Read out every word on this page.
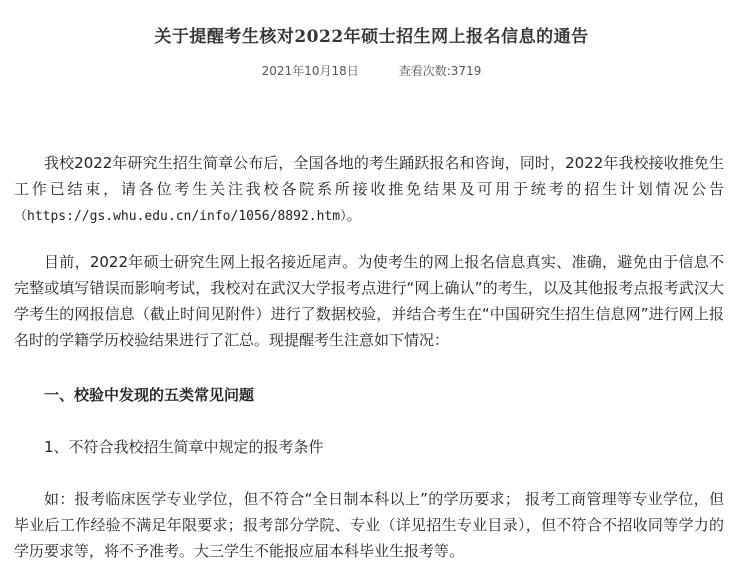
关于提醒考生核对2022年硕士招生网上报名信息的通告
2021年10月18日	查看次数:3719

我校2022年研究生招生简章公布后，全国各地的考生踊跃报名和咨询，同时，2022年我校接收推免生工作已结束，请各位考生关注我校各院系所接收推免结果及可用于统考的招生计划情况公告（https://gs.whu.edu.cn/info/1056/8892.htm）。

目前，2022年硕士研究生网上报名接近尾声。为使考生的网上报名信息真实、准确，避免由于信息不完整或填写错误而影响考试，我校对在武汉大学报考点进行“网上确认”的考生，以及其他报考点报考武汉大学考生的网报信息（截止时间见附件）进行了数据校验，并结合考生在“中国研究生招生信息网”进行网上报名时的学籍学历校验结果进行了汇总。现提醒考生注意如下情况：

一、校验中发现的五类常见问题

1、不符合我校招生简章中规定的报考条件

如：报考临床医学专业学位，但不符合“全日制本科以上”的学历要求； 报考工商管理等专业学位，但毕业后工作经验不满足年限要求；报考部分学院、专业（详见招生专业目录），但不符合不招收同等学力的学历要求等，将不予准考。大三学生不能报应届本科毕业生报考等。
